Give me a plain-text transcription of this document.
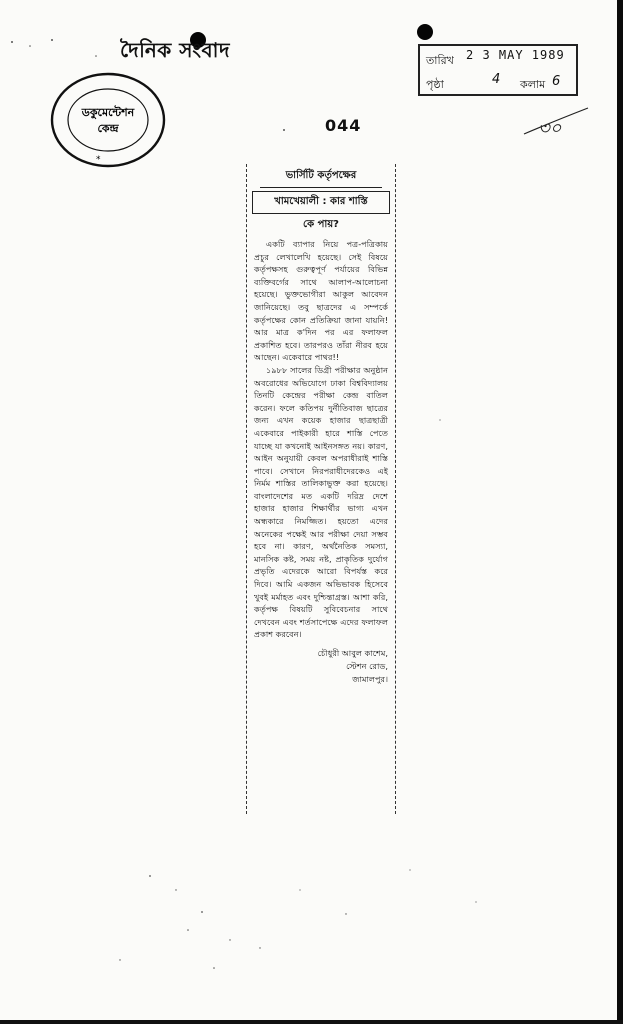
দৈনিক সংবাদ
ডকুমেন্টেশন
কেন্দ্র
*
তারিখ 2 3 MAY 1989
পৃষ্ঠা	4 কলাম 6
044	৩০
ভার্সিটি কর্তৃপক্ষের
খামখেয়ালী : কার শাস্তি
কে পায়?

একটি ব্যাপার নিয়ে পত্র-পত্রিকায় প্রচুর লেখালেখি হয়েছে। সেই বিষয়ে কর্তৃপক্ষসহ গুরুত্বপূর্ণ পর্যায়ের বিভিন্ন ব্যক্তিবর্গের সাথে আলাপ-আলোচনা হয়েছে। ভুক্তভোগীরা আকুল আবেদন জানিয়েছে। তবু ছাত্রদের এ সম্পর্কে কর্তৃপক্ষের কোন প্রতিক্রিয়া জানা যায়নি! আর মাত্র ক'দিন পর এর ফলাফল প্রকাশিত হবে। তারপরও তাঁরা নীরব হয়ে আছেন। একেবারে পাথর!!

১৯৮৮ সালের ডিগ্রী পরীক্ষার অনুষ্ঠান অবরোধের অভিযোগে ঢাকা বিশ্ববিদ্যালয় তিনটি কেন্দ্রের পরীক্ষা কেন্দ্র বাতিল করেন। ফলে কতিপয় দুর্নীতিবাজ ছাত্রের জন্য এখন কয়েক হাজার ছাত্রছাত্রী একেবারে পাইকারী হারে শাস্তি পেতে যাচ্ছে যা কখনোই আইনসঙ্গত নয়। কারণ, আইন অনুযায়ী কেবল অপরাধীরাই শাস্তি পাবে। সেখানে নিরপরাধীদেরকেও এই নির্মম শাস্তির তালিকাভুক্ত করা হয়েছে। বাংলাদেশের মত একটি দরিদ্র দেশে হাজার হাজার শিক্ষার্থীর ভাগ্য এখন অন্ধকারে নিমজ্জিত। হয়তো এদের অনেকের পক্ষেই আর পরীক্ষা দেয়া সম্ভব হবে না। কারণ, অর্থনৈতিক সমস্যা, মানসিক কষ্ট, সময় নষ্ট, প্রাকৃতিক দুর্যোগ প্রভৃতি এদেরকে আরো বিপর্যস্ত করে দিবে। আমি একজন অভিভাবক হিসেবে খুবই মর্মাহত এবং দুশ্চিন্তাগ্রস্ত। আশা করি, কর্তৃপক্ষ বিষয়টি সুবিবেচনার সাথে দেখবেন এবং শর্তসাপেক্ষে এদের ফলাফল প্রকাশ করবেন।

চৌধুরী আবুল কাশেম,
স্টেশন রোড,
জামালপুর।
